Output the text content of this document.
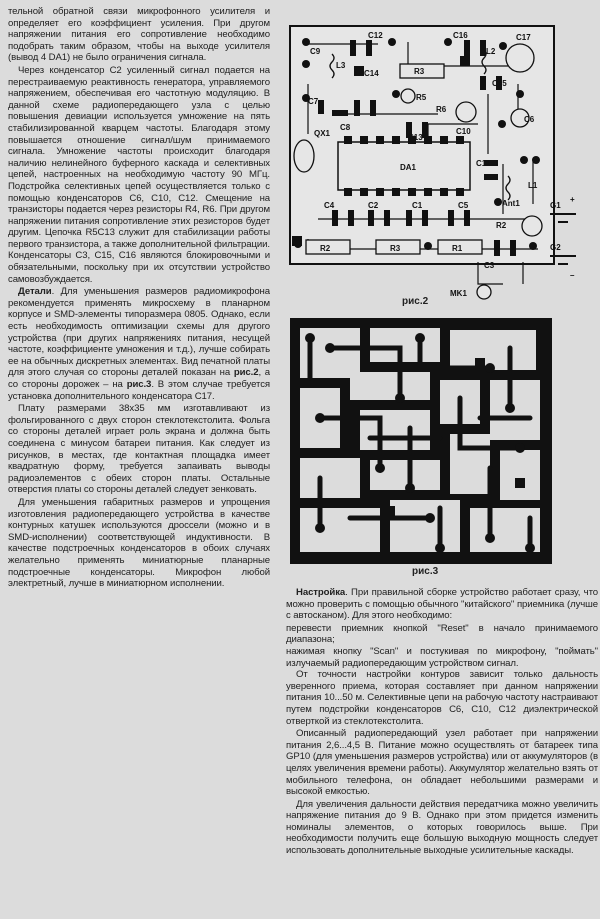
тельной обратной связи микрофонного усилителя и определяет его коэффициент усиления. При другом напряжении питания его сопротивление необходимо подобрать таким образом, чтобы на выходе усилителя (вывод 4 DA1) не было ограничения сигнала.

Через конденсатор C2 усиленный сигнал подается на перестраиваемую реактивность генератора, управляемого напряжением, обеспечивая его частотную модуляцию. В данной схеме радиопередающего узла с целью повышения девиации используется умножение на пять стабилизированной кварцем частоты. Благодаря этому повышается отношение сигнал/шум принимаемого сигнала. Умножение частоты происходит благодаря наличию нелинейного буферного каскада и селективных цепей, настроенных на необходимую частоту 90 МГц. Подстройка селективных цепей осуществляется только с помощью конденсаторов C6, C10, C12. Смещение на транзисторы подается через резисторы R4, R6. При другом напряжении питания сопротивление этих резисторов будет другим. Цепочка R5C13 служит для стабилизации работы первого транзистора, а также дополнительной фильтрации. Конденсаторы C3, C15, C16 являются блокировочными и обязательными, поскольку при их отсутствии устройство самовозбуждается.

Детали. Для уменьшения размеров радиомикрофона рекомендуется применять микросхему в планарном корпусе и SMD-элементы типоразмера 0805. Однако, если есть необходимость оптимизации схемы для другого устройства (при других напряжениях питания, несущей частоте, коэффициенте умножения и т.д.), лучше собирать ее на обычных дискретных элементах. Вид печатной платы для этого случая со стороны деталей показан на рис.2, а со стороны дорожек – на рис.3. В этом случае требуется установка дополнительного конденсатора C17.

Плату размерами 38х35 мм изготавливают из фольгированного с двух сторон стеклотекстолита. Фольга со стороны деталей играет роль экрана и должна быть соединена с минусом батареи питания. Как следует из рисунков, в местах, где контактная площадка имеет квадратную форму, требуется запаивать выводы радиоэлементов с обеих сторон платы. Остальные отверстия платы со стороны деталей следует зенковать.

Для уменьшения габаритных размеров и упрощения изготовления радиопередающего устройства в качестве контурных катушек используются дроссели (можно и в SMD-исполнении) соответствующей индуктивности. В качестве подстроечных конденсаторов в обоих случаях желательно применять миниатюрные планарные подстроечные конденсаторы. Микрофон любой электретный, лучше в миниатюрном исполнении.

C9
C12	C16	C17
L3
C14	R3
L2
C15
C7	R5
R6
C6
C8	C10
QX1	C13
DA1	C11
L1
Ant1	G1
G2
+
–
C4	C2	C1	C5
R2
R2	R3	R1
C3
MK1
рис.2
рис.3

Настройка. При правильной сборке устройство работает сразу, что можно проверить с помощью обычного "китайского" приемника (лучше с автосканом). Для этого необходимо:

перевести приемник кнопкой "Reset" в начало принимаемого диапазона;
нажимая кнопку "Scan" и постукивая по микрофону, "поймать" излучаемый радиопередающим устройством сигнал.

От точности настройки контуров зависит только дальность уверенного приема, которая составляет при данном напряжении питания 10...50 м. Селективные цепи на рабочую частоту настраивают путем подстройки конденсаторов C6, C10, C12 диэлектрической отверткой из стеклотекстолита.

Описанный радиопередающий узел работает при напряжении питания 2,6...4,5 В. Питание можно осуществлять от батареек типа GP10 (для уменьшения размеров устройства) или от аккумуляторов (в целях увеличения времени работы). Аккумулятор желательно взять от мобильного телефона, он обладает небольшими размерами и высокой емкостью.

Для увеличения дальности действия передатчика можно увеличить напряжение питания до 9 В. Однако при этом придется изменить номиналы элементов, о которых говорилось выше. При необходимости получить еще большую выходную мощность следует использовать дополнительные выходные усилительные каскады.
